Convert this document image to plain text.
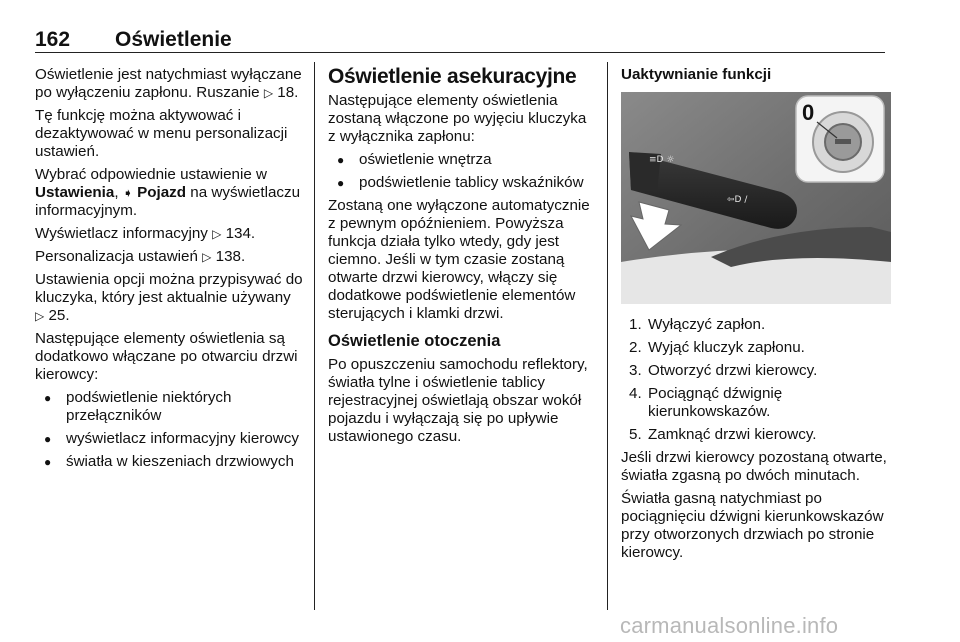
162 Oświetlenie

Oświetlenie jest natychmiast wyłączane po wyłączeniu zapłonu. Ruszanie ▷ 18.

Tę funkcję można aktywować i dezaktywować w menu personalizacji ustawień.

Wybrać odpowiednie ustawienie w
Ustawienia, ➧ Pojazd na wyświetlaczu informacyjnym.

Wyświetlacz informacyjny ▷ 134.

Personalizacja ustawień ▷ 138.

Ustawienia opcji można przypisywać do kluczyka, który jest aktualnie używany ▷ 25.

Następujące elementy oświetlenia są dodatkowo włączane po otwarciu drzwi kierowcy:

● podświetlenie niektórych przełączników
● wyświetlacz informacyjny kierowcy
● światła w kieszeniach drzwiowych
Oświetlenie asekuracyjne

Następujące elementy oświetlenia zostaną włączone po wyjęciu kluczyka z wyłącznika zapłonu:

● oświetlenie wnętrza
● podświetlenie tablicy wskaźników

Zostaną one wyłączone automatycznie z pewnym opóźnieniem. Powyższa funkcja działa tylko wtedy, gdy jest ciemno. Jeśli w tym czasie zostaną otwarte drzwi kierowcy, włączy się dodatkowe podświetlenie elementów sterujących i klamki drzwi.

Oświetlenie otoczenia

Po opuszczeniu samochodu reflektory, światła tylne i oświetlenie tablicy rejestracyjnej oświetlają obszar wokół pojazdu i wyłączają się po upływie ustawionego czasu.

Uaktywnianie funkcji

≡D ☼
⇦D /
0
1. Wyłączyć zapłon.
2. Wyjąć kluczyk zapłonu.
3. Otworzyć drzwi kierowcy.
4. Pociągnąć dźwignię kierunkowskazów.
5. Zamknąć drzwi kierowcy.

Jeśli drzwi kierowcy pozostaną otwarte, światła zgasną po dwóch minutach.

Światła gasną natychmiast po pociągnięciu dźwigni kierunkowskazów przy otworzonych drzwiach po stronie kierowcy.

carmanualsonline.info
